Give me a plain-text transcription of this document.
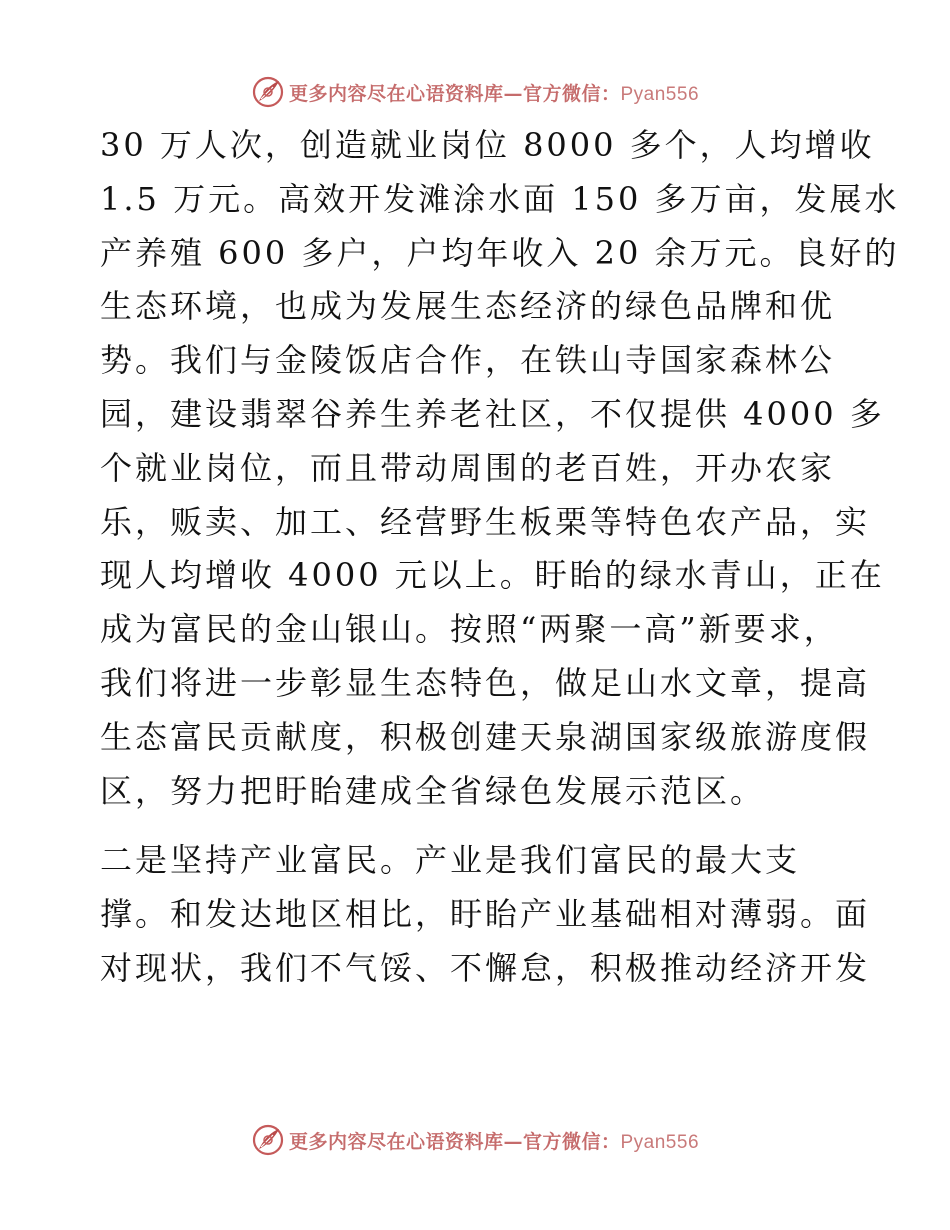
更多内容尽在心语资料库—官方微信：Pyan556
30 万人次，创造就业岗位 8000 多个，人均增收
1.5 万元。高效开发滩涂水面 150 多万亩，发展水
产养殖 600 多户，户均年收入 20 余万元。良好的
生态环境，也成为发展生态经济的绿色品牌和优
势。我们与金陵饭店合作，在铁山寺国家森林公
园，建设翡翠谷养生养老社区，不仅提供 4000 多
个就业岗位，而且带动周围的老百姓，开办农家
乐，贩卖、加工、经营野生板栗等特色农产品，实
现人均增收 4000 元以上。盱眙的绿水青山，正在
成为富民的金山银山。按照“两聚一高”新要求，
我们将进一步彰显生态特色，做足山水文章，提高
生态富民贡献度，积极创建天泉湖国家级旅游度假
区，努力把盱眙建成全省绿色发展示范区。
二是坚持产业富民。产业是我们富民的最大支
撑。和发达地区相比，盱眙产业基础相对薄弱。面
对现状，我们不气馁、不懈怠，积极推动经济开发
更多内容尽在心语资料库—官方微信：Pyan556
